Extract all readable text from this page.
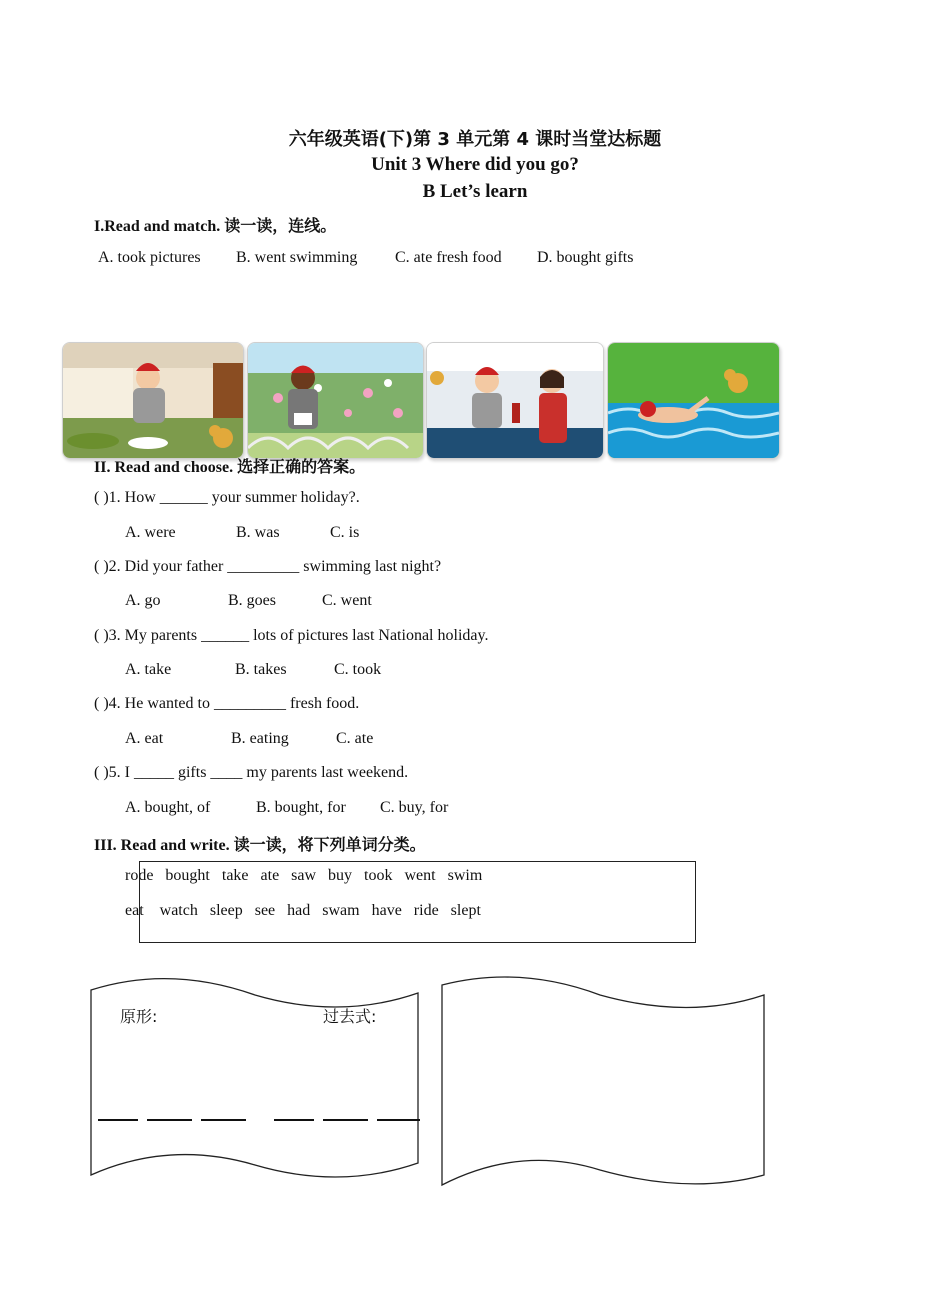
六年级英语(下)第 3 单元第 4 课时当堂达标题
Unit 3 Where did you go?
B Let’s learn
I.Read and match. 读一读，连线。
A. took pictures B. went swimming C. ate fresh food D. bought gifts
II. Read and choose. 选择正确的答案。
( )1. How ______ your summer holiday?.
A. were	B. was	C. is
( )2. Did your father _________ swimming last night?
A. go	B. goes	C. went
( )3. My parents ______ lots of pictures last National holiday.
A. take	B. takes	C. took
( )4. He wanted to _________ fresh food.
A. eat	B. eating	C. ate
( )5. I _____ gifts ____ my parents last weekend.
A. bought, of	B. bought, for C. buy, for
III. Read and write. 读一读，将下列单词分类。
rode   bought   take   ate   saw   buy   took   went   swim
eat    watch   sleep   see   had   swam   have   ride   slept
原形:	过去式:
